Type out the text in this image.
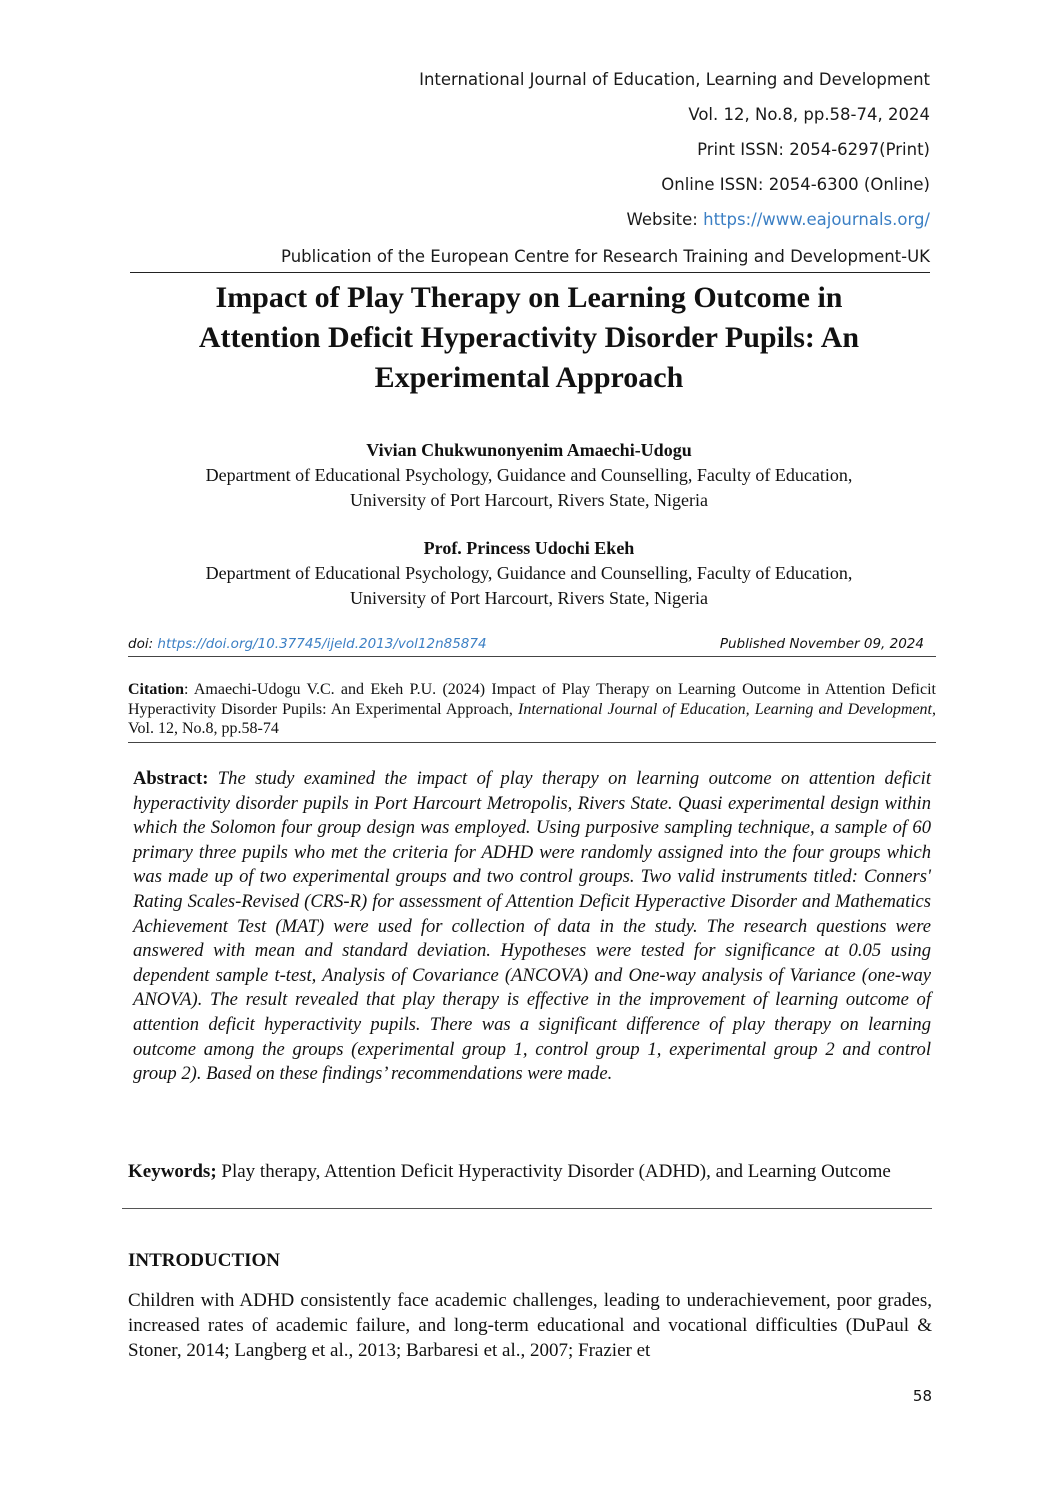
International Journal of Education, Learning and Development
Vol. 12, No.8, pp.58-74, 2024
Print ISSN: 2054-6297(Print)
Online ISSN: 2054-6300 (Online)
Website: https://www.eajournals.org/
Publication of the European Centre for Research Training and Development-UK
Impact of Play Therapy on Learning Outcome in
Attention Deficit Hyperactivity Disorder Pupils: An
Experimental Approach
Vivian Chukwunonyenim Amaechi-Udogu
Department of Educational Psychology, Guidance and Counselling, Faculty of Education,
University of Port Harcourt, Rivers State, Nigeria
Prof. Princess Udochi Ekeh
Department of Educational Psychology, Guidance and Counselling, Faculty of Education,
University of Port Harcourt, Rivers State, Nigeria
doi: https://doi.org/10.37745/ijeld.2013/vol12n85874	Published November 09, 2024
Citation: Amaechi-Udogu V.C. and Ekeh P.U. (2024) Impact of Play Therapy on Learning Outcome in Attention Deficit Hyperactivity Disorder Pupils: An Experimental Approach, International Journal of Education, Learning and Development, Vol. 12, No.8, pp.58-74
Abstract: The study examined the impact of play therapy on learning outcome on attention deficit hyperactivity disorder pupils in Port Harcourt Metropolis, Rivers State. Quasi experimental design within which the Solomon four group design was employed. Using purposive sampling technique, a sample of 60 primary three pupils who met the criteria for ADHD were randomly assigned into the four groups which was made up of two experimental groups and two control groups. Two valid instruments titled: Conners' Rating Scales-Revised (CRS-R) for assessment of Attention Deficit Hyperactive Disorder and Mathematics Achievement Test (MAT) were used for collection of data in the study. The research questions were answered with mean and standard deviation. Hypotheses were tested for significance at 0.05 using dependent sample t-test, Analysis of Covariance (ANCOVA) and One-way analysis of Variance (one-way ANOVA). The result revealed that play therapy is effective in the improvement of learning outcome of attention deficit hyperactivity pupils. There was a significant difference of play therapy on learning outcome among the groups (experimental group 1, control group 1, experimental group 2 and control group 2). Based on these findings’ recommendations were made.
Keywords; Play therapy, Attention Deficit Hyperactivity Disorder (ADHD), and Learning Outcome
INTRODUCTION
Children with ADHD consistently face academic challenges, leading to underachievement, poor grades, increased rates of academic failure, and long-term educational and vocational difficulties (DuPaul & Stoner, 2014; Langberg et al., 2013; Barbaresi et al., 2007; Frazier et
58
